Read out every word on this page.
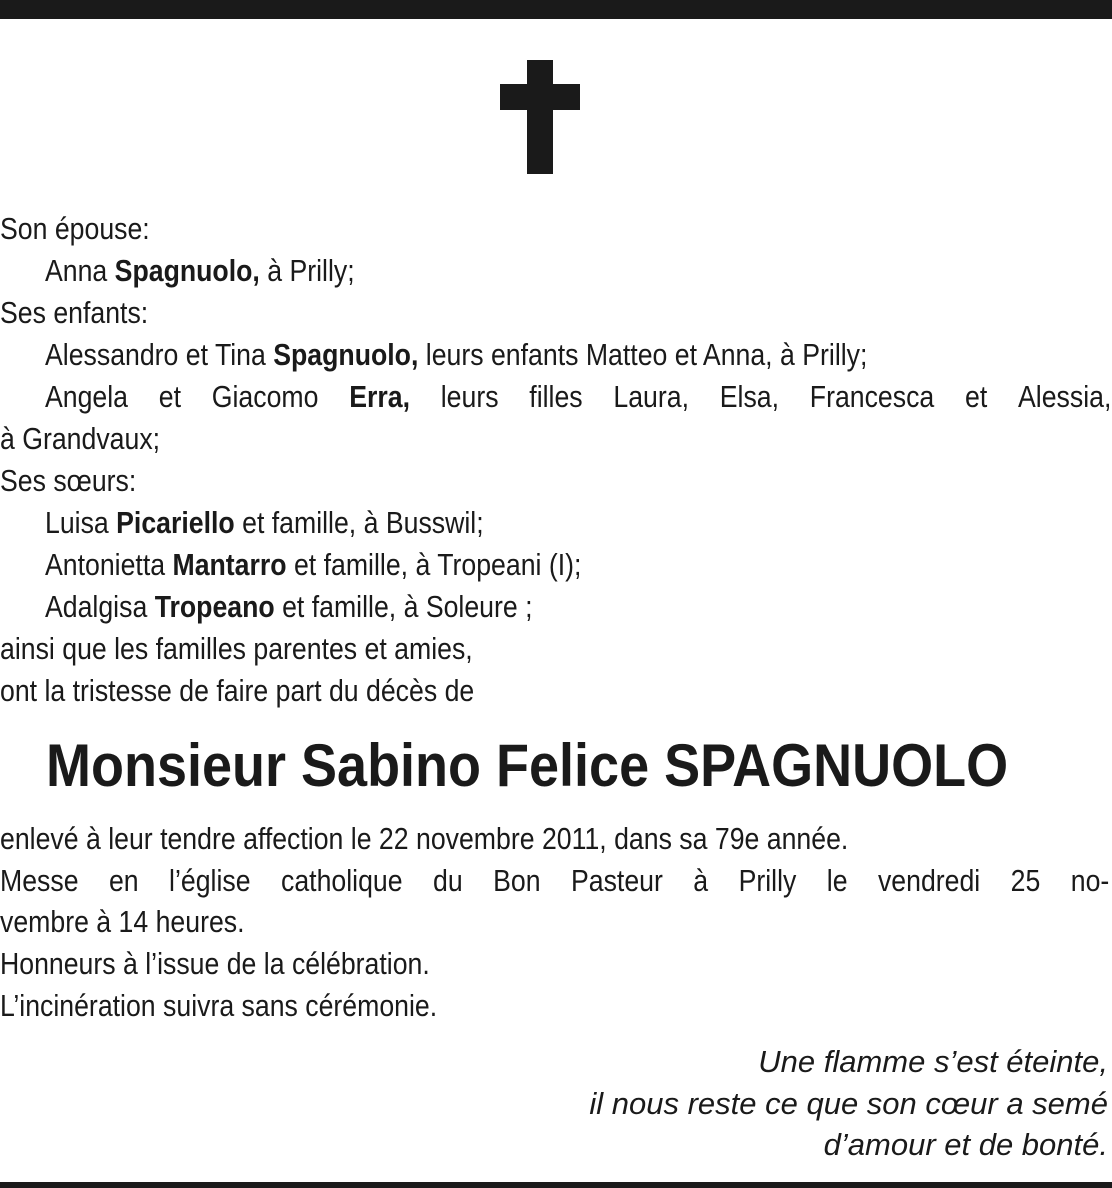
Son épouse:
Anna Spagnuolo, à Prilly;
Ses enfants:
Alessandro et Tina Spagnuolo, leurs enfants Matteo et Anna, à Prilly;
Angela et Giacomo Erra, leurs filles Laura, Elsa, Francesca et Alessia,
à Grandvaux;
Ses sœurs:
Luisa Picariello et famille, à Busswil;
Antonietta Mantarro et famille, à Tropeani (I);
Adalgisa Tropeano et famille, à Soleure ;
ainsi que les familles parentes et amies,
ont la tristesse de faire part du décès de
Monsieur Sabino Felice SPAGNUOLO
enlevé à leur tendre affection le 22 novembre 2011, dans sa 79e année.
Messe en l’église catholique du Bon Pasteur à Prilly le vendredi 25 no-
vembre à 14 heures.
Honneurs à l’issue de la célébration.
L’incinération suivra sans cérémonie.
Une flamme s’est éteinte,
il nous reste ce que son cœur a semé
d’amour et de bonté.
